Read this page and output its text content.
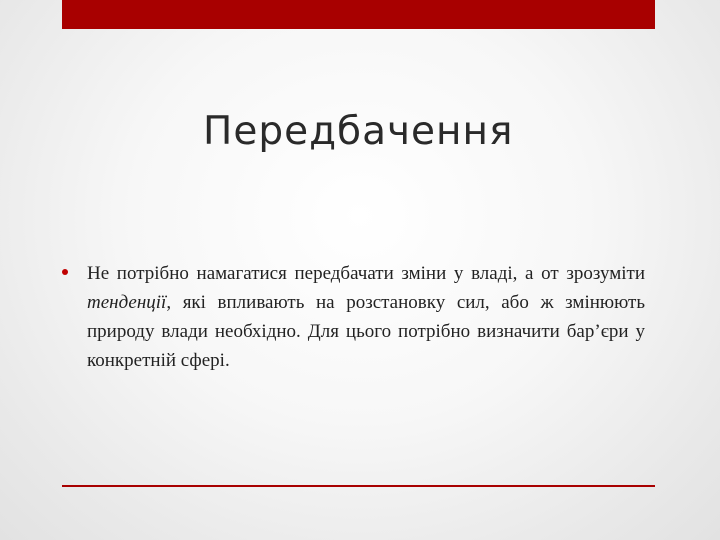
Передбачення
Не потрібно намагатися передбачати зміни у владі, а от зрозуміти тенденції, які впливають на розстановку сил, або ж змінюють природу влади необхідно. Для цього потрібно визначити бар’єри у конкретній сфері.
